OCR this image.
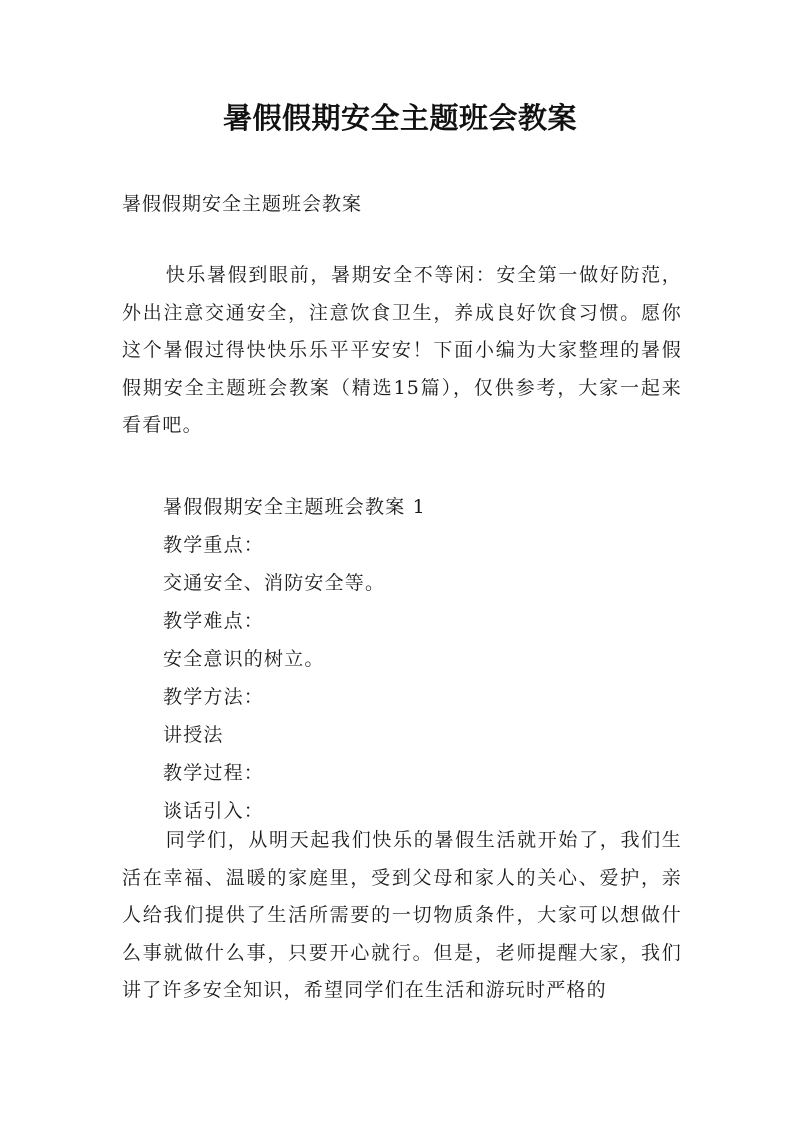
暑假假期安全主题班会教案
暑假假期安全主题班会教案

快乐暑假到眼前，暑期安全不等闲：安全第一做好防范，外出注意交通安全，注意饮食卫生，养成良好饮食习惯。愿你这个暑假过得快快乐乐平平安安！下面小编为大家整理的暑假假期安全主题班会教案（精选15篇），仅供参考，大家一起来看看吧。

暑假假期安全主题班会教案 1
教学重点：
交通安全、消防安全等。
教学难点：
安全意识的树立。
教学方法：
讲授法
教学过程：
谈话引入：

同学们，从明天起我们快乐的暑假生活就开始了，我们生活在幸福、温暖的家庭里，受到父母和家人的关心、爱护，亲人给我们提供了生活所需要的一切物质条件，大家可以想做什么事就做什么事，只要开心就行。但是，老师提醒大家，我们讲了许多安全知识，希望同学们在生活和游玩时严格的
